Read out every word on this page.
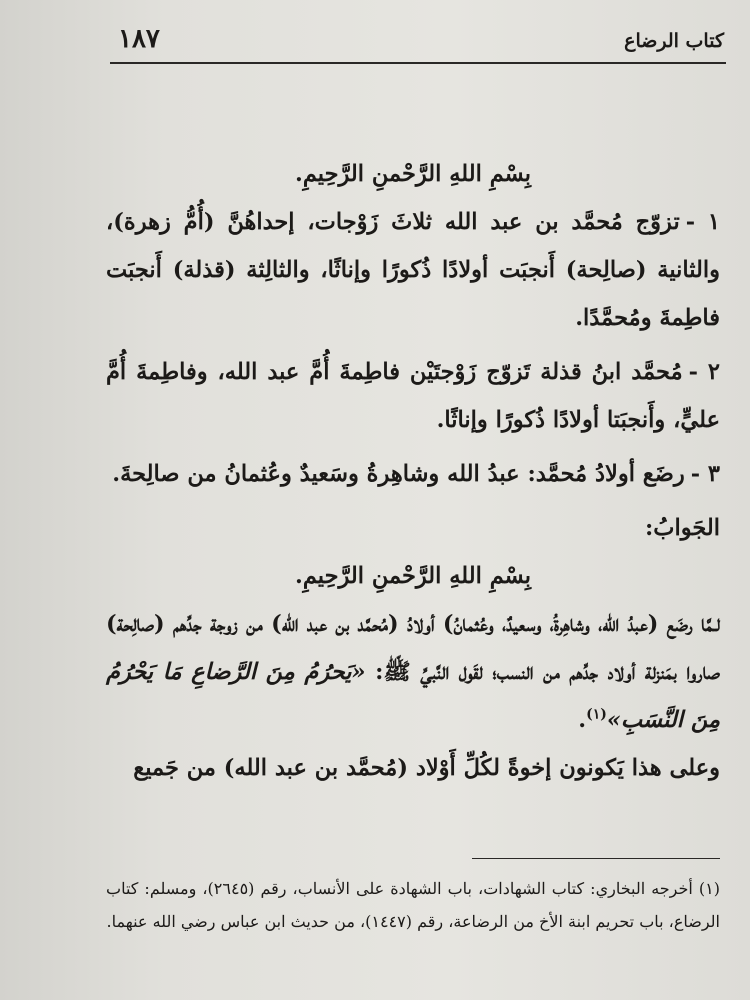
كتاب الرضاع
١٨٧

بِسْمِ اللهِ الرَّحْمنِ الرَّحِيمِ.

١ -تزوّج مُحمَّد بن عبد الله ثلاثَ زَوْجات، إحداهُنَّ (أُمُّ زهرة)، والثانية (صالِحة) أَنجبَت أولادًا ذُكورًا وإناثًا، والثالِثة (قذلة) أَنجبَت فاطِمةَ ومُحمَّدًا.

٢ -مُحمَّد ابنُ قذلة تَزوّج زَوْجتَيْن فاطِمةَ أُمَّ عبد الله، وفاطِمةَ أُمَّ عليٍّ، وأَنجبَتا أولادًا ذُكورًا وإناثًا.

٣ -رضَع أولادُ مُحمَّد: عبدُ الله وشاهِرةُ وسَعيدٌ وعُثمانُ من صالِحةَ.

الجَوابُ:

بِسْمِ اللهِ الرَّحْمنِ الرَّحِيمِ.

لـمَّا رضَع (عبدُ الله، وشاهِرةُ، وسعيدٌ، وعُثمانُ) أولادُ (مُحمَّد بن عبد الله) من زوجة جدِّهم (صالِحة) صاروا بمَنزلة أولاد جدِّهم من النسب؛ لقَول النَّبيِّ ﷺ: «يَحرُمُ مِنَ الرَّضاعِ مَا يَحْرُمُ مِنَ النَّسَبِ»$^{(١)}$.

وعلى هذا يَكونون إخوةً لكُلِّ أَوْلاد (مُحمَّد بن عبد الله) من جَميع

(١) أخرجه البخاري: كتاب الشهادات، باب الشهادة على الأنساب، رقم (٢٦٤٥)، ومسلم: كتاب الرضاع، باب تحريم ابنة الأخ من الرضاعة، رقم (١٤٤٧)، من حديث ابن عباس رضي الله عنهما.
